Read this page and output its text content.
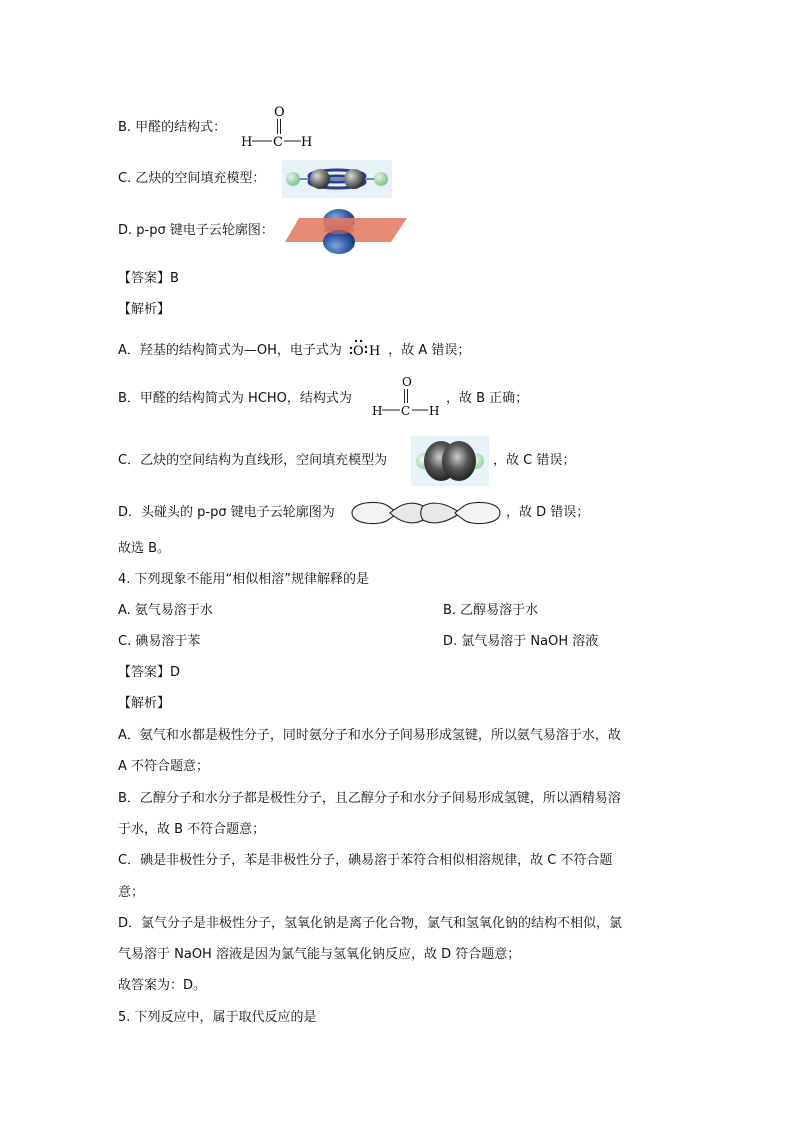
B. 甲醛的结构式：
O
H C H
C. 乙炔的空间填充模型：
D. p-pσ 键电子云轮廓图：
【答案】B
【解析】
A．羟基的结构简式为—OH，电子式为 O H ，故 A 错误；
B．甲醛的结构简式为 HCHO，结构式为
O
H C H
，故 B 正确；
C．乙炔的空间结构为直线形，空间填充模型为	，故 C 错误；
D．头碰头的 p-pσ 键电子云轮廓图为	，故 D 错误；
故选 B。
4. 下列现象不能用“相似相溶”规律解释的是
A. 氨气易溶于水	B. 乙醇易溶于水
C. 碘易溶于苯	D. 氯气易溶于 NaOH 溶液
【答案】D
【解析】
A．氨气和水都是极性分子，同时氨分子和水分子间易形成氢键，所以氨气易溶于水，故
A 不符合题意；
B．乙醇分子和水分子都是极性分子，且乙醇分子和水分子间易形成氢键，所以酒精易溶
于水，故 B 不符合题意；
C．碘是非极性分子，苯是非极性分子，碘易溶于苯符合相似相溶规律，故 C 不符合题
意；
D．氯气分子是非极性分子，氢氧化钠是离子化合物，氯气和氢氧化钠的结构不相似，氯
气易溶于 NaOH 溶液是因为氯气能与氢氧化钠反应，故 D 符合题意；
故答案为：D。
5. 下列反应中，属于取代反应的是
